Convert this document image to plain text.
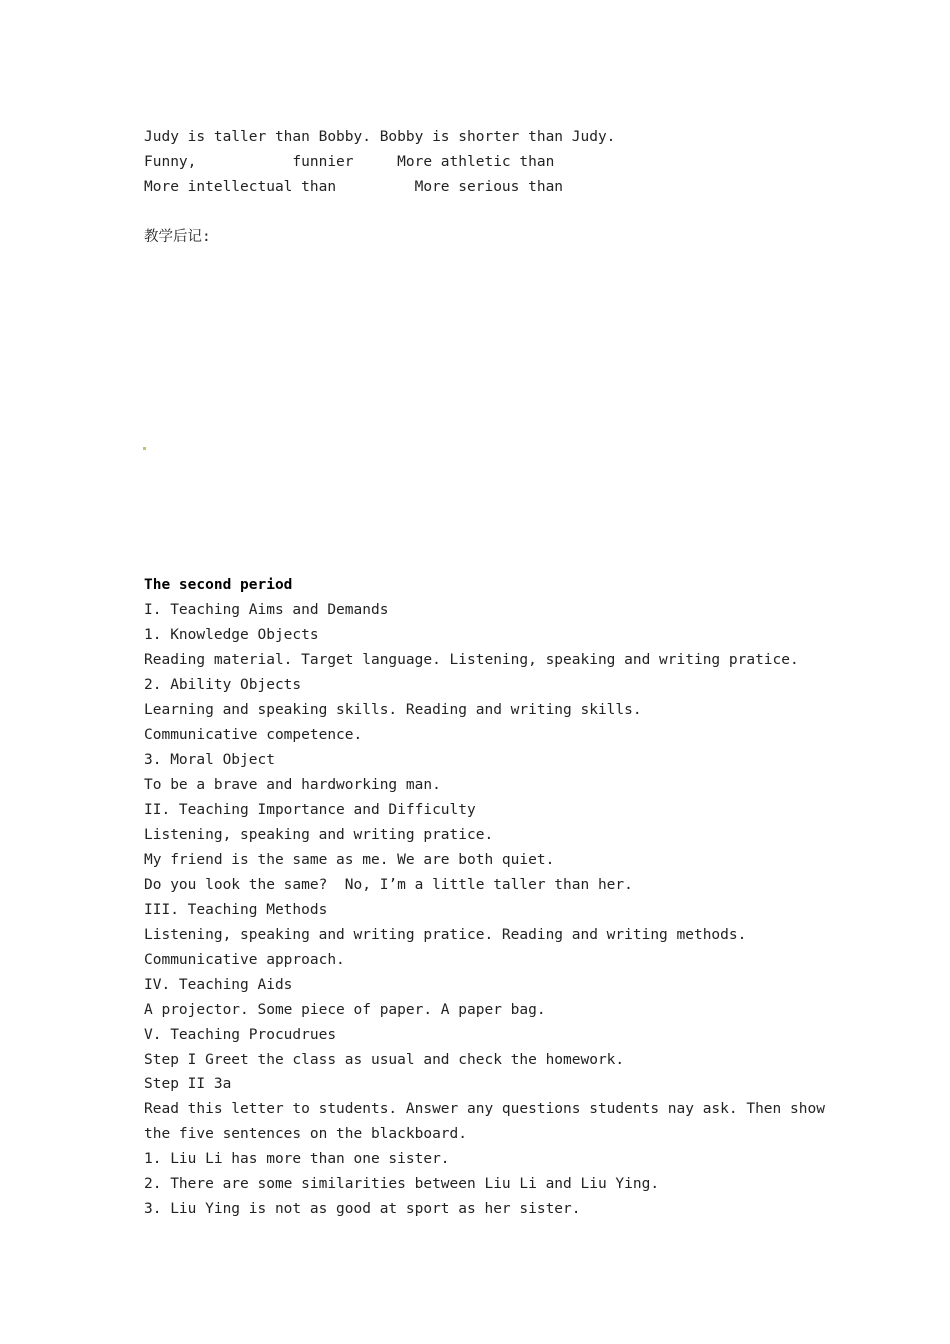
Judy is taller than Bobby. Bobby is shorter than Judy.

Funny,           funnier     More athletic than

More intellectual than         More serious than

教学后记:

The second period

I. Teaching Aims and Demands

1. Knowledge Objects

Reading material. Target language. Listening, speaking and writing pratice.

2. Ability Objects

Learning and speaking skills. Reading and writing skills.

Communicative competence.

3. Moral Object

To be a brave and hardworking man.

II. Teaching Importance and Difficulty

Listening, speaking and writing pratice.

My friend is the same as me. We are both quiet.

Do you look the same?  No, I’m a little taller than her.

III. Teaching Methods

Listening, speaking and writing pratice. Reading and writing methods.

Communicative approach.

IV. Teaching Aids

A projector. Some piece of paper. A paper bag.

V. Teaching Procudrues

Step I Greet the class as usual and check the homework.

Step II 3a

Read this letter to students. Answer any questions students nay ask. Then show

the five sentences on the blackboard.

1. Liu Li has more than one sister.

2. There are some similarities between Liu Li and Liu Ying.

3. Liu Ying is not as good at sport as her sister.
